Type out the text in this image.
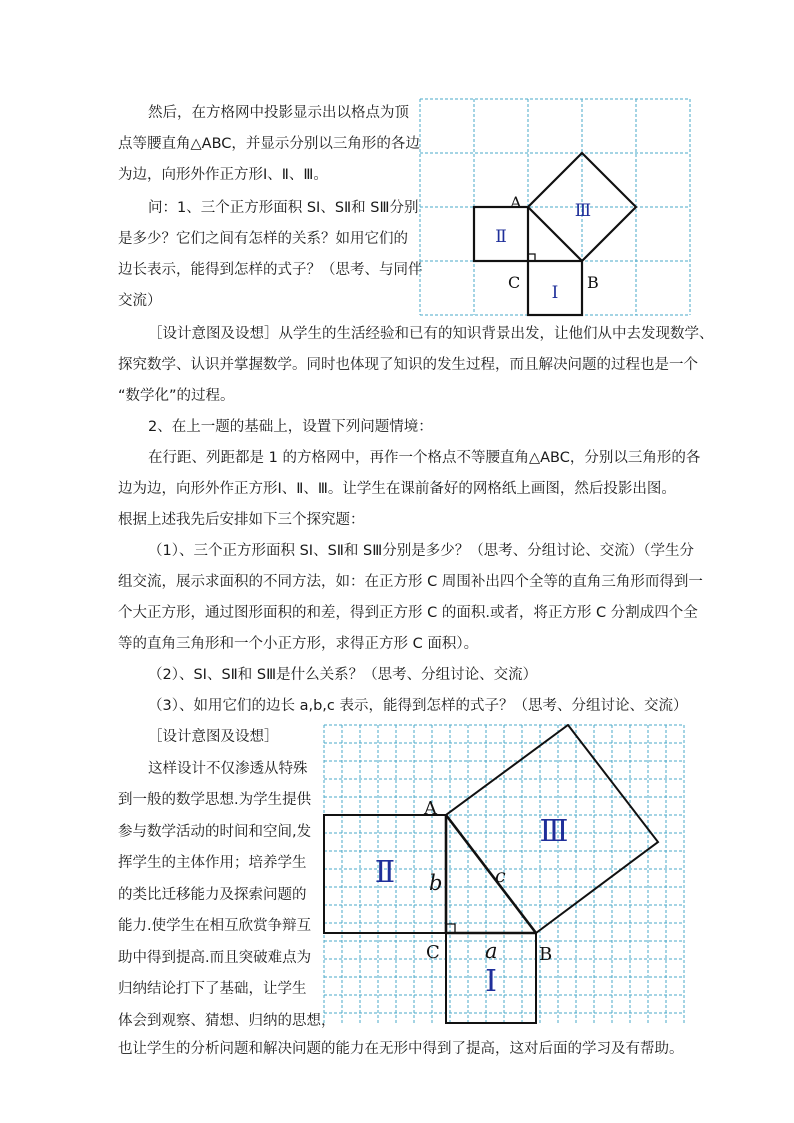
然后，在方格网中投影显示出以格点为顶
点等腰直角△ABC，并显示分别以三角形的各边
为边，向形外作正方形Ⅰ、Ⅱ、Ⅲ。
问：1、三个正方形面积 SⅠ、SⅡ和 SⅢ分别
是多少？它们之间有怎样的关系？如用它们的
边长表示，能得到怎样的式子？（思考、与同伴
交流）
A
C	B
Ⅱ
Ⅰ
Ⅲ

［设计意图及设想］从学生的生活经验和已有的知识背景出发，让他们从中去发现数学、

探究数学、认识并掌握数学。同时也体现了知识的发生过程，而且解决问题的过程也是一个

“数学化”的过程。

2、在上一题的基础上，设置下列问题情境：

在行距、列距都是 1 的方格网中，再作一个格点不等腰直角△ABC，分别以三角形的各

边为边，向形外作正方形Ⅰ、Ⅱ、Ⅲ。让学生在课前备好的网格纸上画图，然后投影出图。

根据上述我先后安排如下三个探究题：

（1）、三个正方形面积 SⅠ、SⅡ和 SⅢ分别是多少？（思考、分组讨论、交流）（学生分

组交流，展示求面积的不同方法，如：在正方形 C 周围补出四个全等的直角三角形而得到一

个大正方形，通过图形面积的和差，得到正方形 C 的面积.或者，将正方形 C 分割成四个全

等的直角三角形和一个小正方形，求得正方形 C 面积）。

（2）、SⅠ、SⅡ和 SⅢ是什么关系？（思考、分组讨论、交流）

（3）、如用它们的边长 a,b,c 表示，能得到怎样的式子？（思考、分组讨论、交流）

［设计意图及设想］

这样设计不仅渗透从特殊

到一般的数学思想.为学生提供

参与数学活动的时间和空间,发

挥学生的主体作用；培养学生

的类比迁移能力及探索问题的

能力.使学生在相互欣赏争辩互

助中得到提高.而且突破难点为

归纳结论打下了基础，让学生

体会到观察、猜想、归纳的思想，

也让学生的分析问题和解决问题的能力在无形中得到了提高，这对后面的学习及有帮助。
A
C	B
a
b	c
Ⅱ
Ⅰ
Ⅲ
